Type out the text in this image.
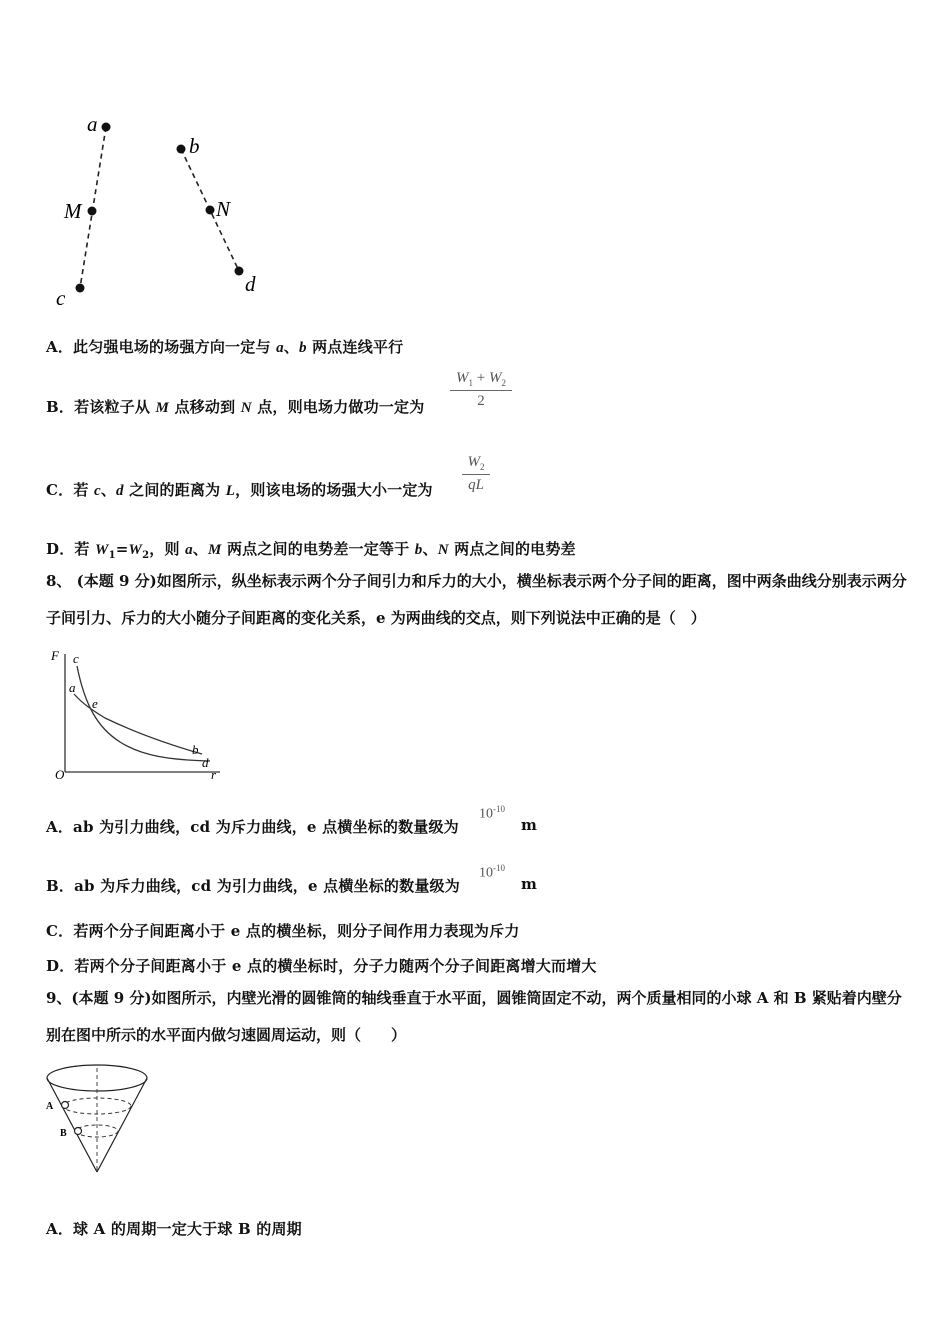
a
M
c
b
N
d
A．此匀强电场的场强方向一定与 a、b 两点连线平行
B．若该粒子从 M 点移动到 N 点，则电场力做功一定为 $\frac{W_1 + W_2}{2}$
C．若 c、d 之间的距离为 L，则该电场的场强大小一定为 $\frac{W_2}{qL}$
D．若 $W_1=W_2$，则 a、M 两点之间的电势差一定等于 b、N 两点之间的电势差
8、 (本题 9 分)如图所示，纵坐标表示两个分子间引力和斥力的大小，横坐标表示两个分子间的距离，图中两条曲线分别表示两分子间引力、斥力的大小随分子间距离的变化关系，e 为两曲线的交点，则下列说法中正确的是（　）
F c
a
e
b
d
O	r
A．ab 为引力曲线，cd 为斥力曲线，e 点横坐标的数量级为
$10^{-10}$
m
B．ab 为斥力曲线，cd 为引力曲线，e 点横坐标的数量级为
$10^{-10}$
m
C．若两个分子间距离小于 e 点的横坐标，则分子间作用力表现为斥力
D．若两个分子间距离小于 e 点的横坐标时，分子力随两个分子间距离增大而增大
9、(本题 9 分)如图所示，内壁光滑的圆锥筒的轴线垂直于水平面，圆锥筒固定不动，两个质量相同的小球 A 和 B 紧贴着内壁分别在图中所示的水平面内做匀速圆周运动，则（　　）
A
B
A．球 A 的周期一定大于球 B 的周期
